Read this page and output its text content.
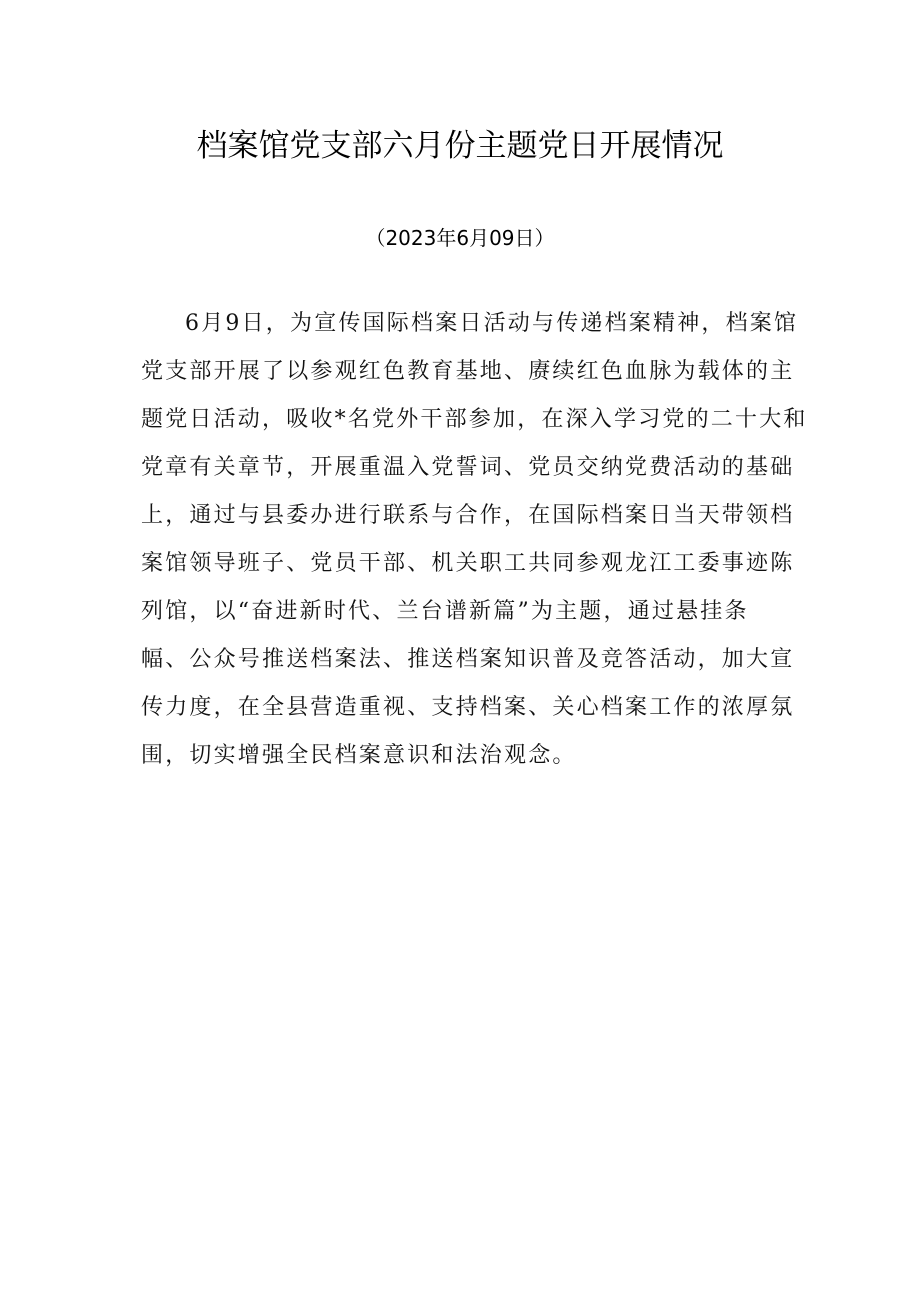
档案馆党支部六月份主题党日开展情况
（2023年6月09日）
6月9日，为宣传国际档案日活动与传递档案精神，档案馆
党支部开展了以参观红色教育基地、赓续红色血脉为载体的主
题党日活动，吸收*名党外干部参加，在深入学习党的二十大和
党章有关章节，开展重温入党誓词、党员交纳党费活动的基础
上，通过与县委办进行联系与合作，在国际档案日当天带领档
案馆领导班子、党员干部、机关职工共同参观龙江工委事迹陈
列馆，以“奋进新时代、兰台谱新篇”为主题，通过悬挂条
幅、公众号推送档案法、推送档案知识普及竞答活动，加大宣
传力度，在全县营造重视、支持档案、关心档案工作的浓厚氛
围，切实增强全民档案意识和法治观念。
